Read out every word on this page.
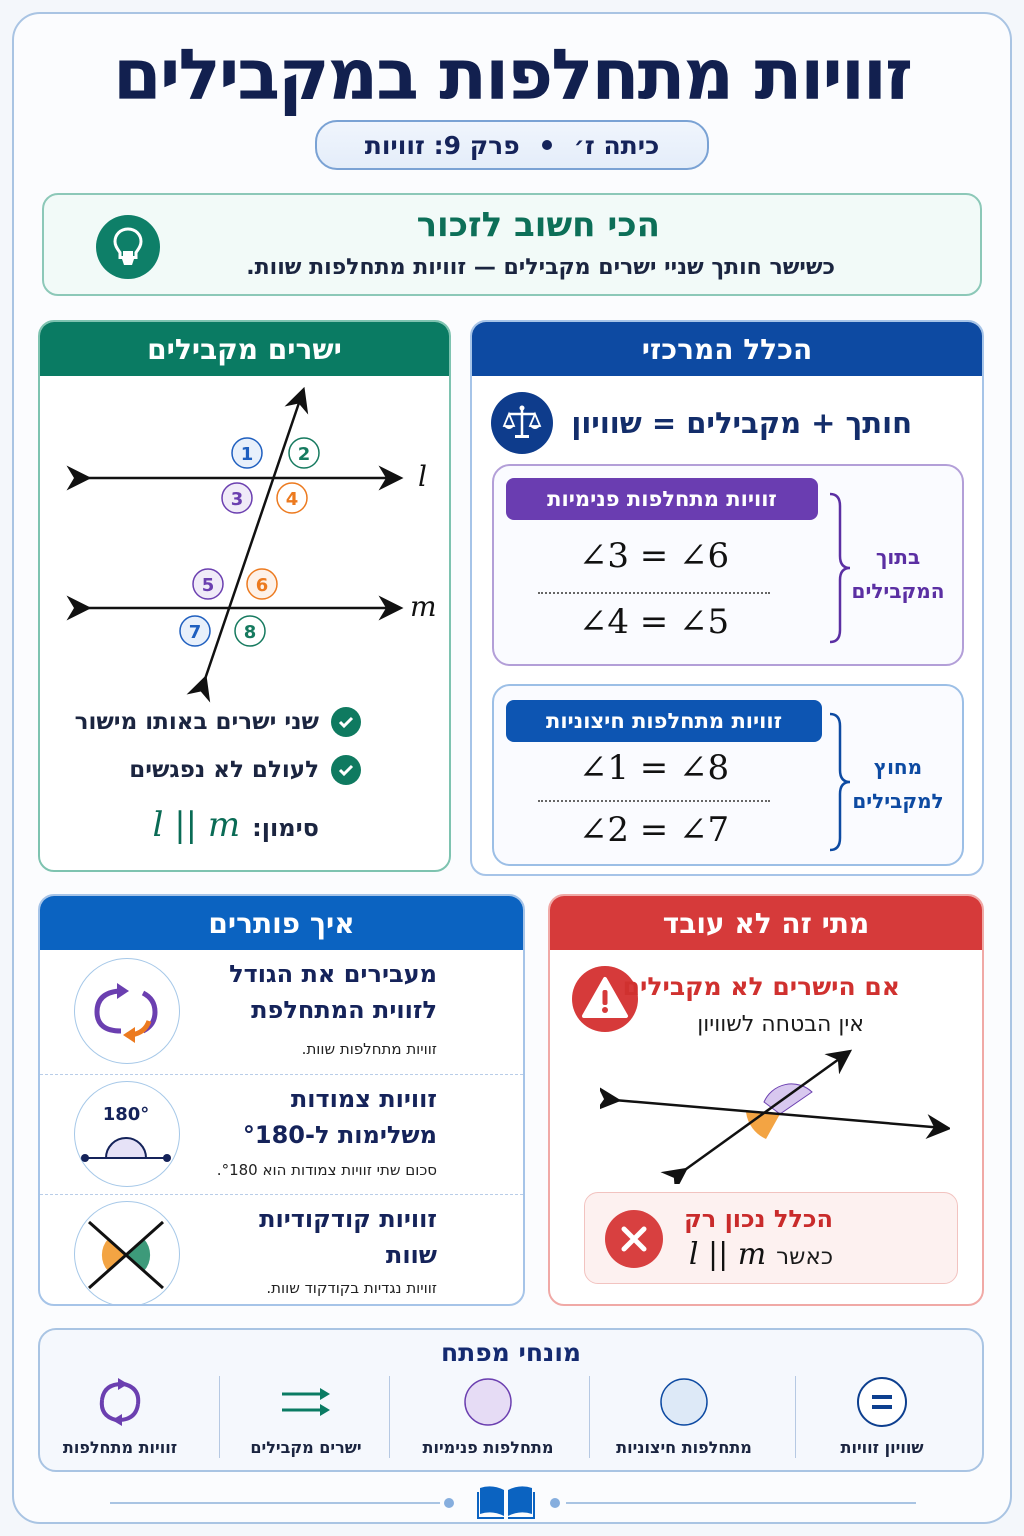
זוויות מתחלפות במקבילים
כיתה ז׳
פרק 9: זוויות
הכי חשוב לזכור

כשישר חותך שניי ישרים מקבילים — זוויות מתחלפות שוות.

ישרים מקבילים
l
m
1 2
3 4
5 6
7 8
שני ישרים באותו מישור
לעולם לא נפגשים
סימון:
l || m
הכלל המרכזי
חותך + מקבילים = שוויון
זוויות מתחלפות פנימיות
∠3 = ∠6
∠4 = ∠5
בתוך
המקבילים
זוויות מתחלפות חיצוניות
∠1 = ∠8
∠2 = ∠7
מחוץ
למקבילים
איך פותרים
מעבירים את הגודל
לזווית המתחלפת
זוויות מתחלפות שוות.
180°
זוויות צמודות
משלימות ל-°180
סכום שתי זוויות צמודות הוא °180.
זוויות קודקודיות
שוות
זוויות נגדיות בקודקוד שוות.
מתי זה לא עובד
אם הישרים לא מקבילים
אין הבטחה לשוויון
הכלל נכון רק
כאשר
l || m
מונחי מפתח
שוויון זוויות
מתחלפות חיצוניות
מתחלפות פנימיות
ישרים מקבילים
זוויות מתחלפות
